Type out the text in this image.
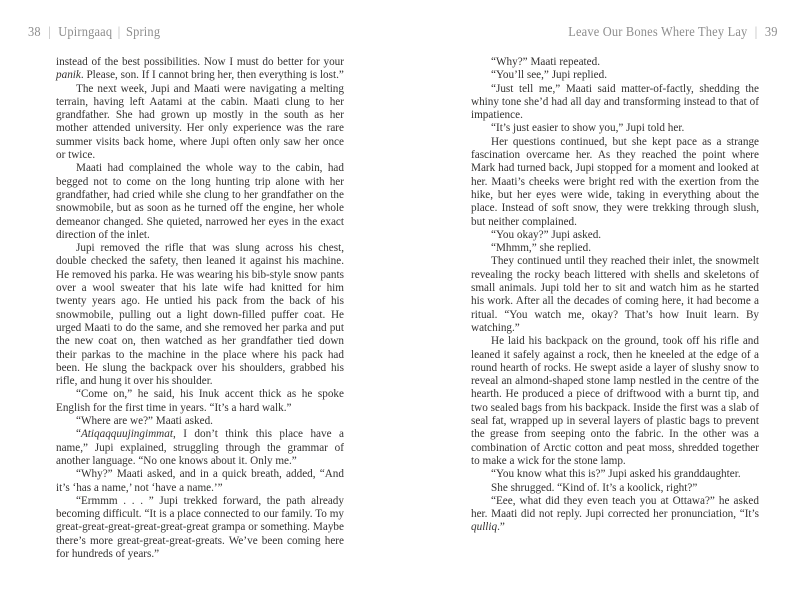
38 | Upirngaaq | Spring

instead of the best possibilities. Now I must do better for your panik. Please, son. If I cannot bring her, then everything is lost.”

The next week, Jupi and Maati were navigating a melting terrain, having left Aatami at the cabin. Maati clung to her grandfather. She had grown up mostly in the south as her mother attended university. Her only experience was the rare summer visits back home, where Jupi often only saw her once or twice.

Maati had complained the whole way to the cabin, had begged not to come on the long hunting trip alone with her grandfather, had cried while she clung to her grandfather on the snowmobile, but as soon as he turned off the engine, her whole demeanor changed. She quieted, narrowed her eyes in the exact direction of the inlet.

Jupi removed the rifle that was slung across his chest, double checked the safety, then leaned it against his machine. He removed his parka. He was wearing his bib-style snow pants over a wool sweater that his late wife had knitted for him twenty years ago. He untied his pack from the back of his snowmobile, pulling out a light down-filled puffer coat. He urged Maati to do the same, and she removed her parka and put the new coat on, then watched as her grandfather tied down their parkas to the machine in the place where his pack had been. He slung the backpack over his shoulders, grabbed his rifle, and hung it over his shoulder.

“Come on,” he said, his Inuk accent thick as he spoke English for the first time in years. “It’s a hard walk.”

“Where are we?” Maati asked.

“Atiqaqquujingimmat, I don’t think this place have a name,” Jupi explained, struggling through the grammar of another language. “No one knows about it. Only me.”

“Why?” Maati asked, and in a quick breath, added, “And it’s ‘has a name,’ not ‘have a name.’”

“Ermmm . . . ” Jupi trekked forward, the path already becoming difficult. “It is a place connected to our family. To my great-great-great-great-great-great grampa or something. Maybe there’s more great-great-great-greats. We’ve been coming here for hundreds of years.”

Leave Our Bones Where They Lay | 39

“Why?” Maati repeated.

“You’ll see,” Jupi replied.

“Just tell me,” Maati said matter-of-factly, shedding the whiny tone she’d had all day and transforming instead to that of impatience.

“It’s just easier to show you,” Jupi told her.

Her questions continued, but she kept pace as a strange fascination overcame her. As they reached the point where Mark had turned back, Jupi stopped for a moment and looked at her. Maati’s cheeks were bright red with the exertion from the hike, but her eyes were wide, taking in everything about the place. Instead of soft snow, they were trekking through slush, but neither complained.

“You okay?” Jupi asked.

“Mhmm,” she replied.

They continued until they reached their inlet, the snowmelt revealing the rocky beach littered with shells and skeletons of small animals. Jupi told her to sit and watch him as he started his work. After all the decades of coming here, it had become a ritual. “You watch me, okay? That’s how Inuit learn. By watching.”

He laid his backpack on the ground, took off his rifle and leaned it safely against a rock, then he kneeled at the edge of a round hearth of rocks. He swept aside a layer of slushy snow to reveal an almond-shaped stone lamp nestled in the centre of the hearth. He produced a piece of driftwood with a burnt tip, and two sealed bags from his backpack. Inside the first was a slab of seal fat, wrapped up in several layers of plastic bags to prevent the grease from seeping onto the fabric. In the other was a combination of Arctic cotton and peat moss, shredded together to make a wick for the stone lamp.

“You know what this is?” Jupi asked his granddaughter.

She shrugged. “Kind of. It’s a koolick, right?”

“Eee, what did they even teach you at Ottawa?” he asked her. Maati did not reply. Jupi corrected her pronunciation, “It’s qulliq.”
